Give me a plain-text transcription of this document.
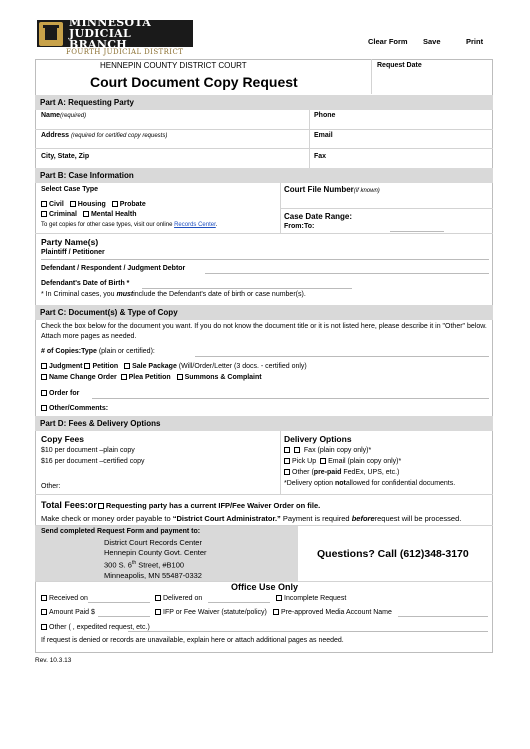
MINNESOTA
JUDICIAL BRANCH
FOURTH JUDICIAL DISTRICT
Clear Form Save	Print
HENNEPIN COUNTY DISTRICT COURT
Court Document Copy Request
Request Date
Part A: Requesting Party
Name(required)	Phone
Address (required for certified copy requests)	Email
City, State, Zip	Fax
Part B: Case Information
Select Case Type
Civil Housing Probate
Criminal Mental Health
To get copies for other case types, visit our online Records Center.
Court File Number(if known)
Case Date Range:
From: To:
Party Name(s)
Plaintiff / Petitioner
Defendant / Respondent / Judgment Debtor
Defendant's Date of Birth *
* In Criminal cases, you mustinclude the Defendant's date of birth or case number(s).
Part C: Document(s) & Type of Copy
Check the box below for the document you want. If you do not know the document title or it is not listed here, please describe it in "Other" below. Attach more pages as needed.
# of Copies:Type (plain or certified):
Judgment Petition Sale Package (Will/Order/Letter (3 docs. - certified only)
Name Change Order Plea Petition Summons & Complaint
Order for
Other/Comments:
Part D: Fees & Delivery Options
Copy Fees
$10 per document –plain copy
$16 per document –certified copy
Other:
Delivery Options
Fax (plain copy only)*
Pick Up Email (plain copy only)*
Other (pre-paid FedEx, UPS, etc.)
*Delivery option notallowed for confidential documents.
Total Fees:or Requesting party has a current IFP/Fee Waiver Order on file.
Make check or money order payable to “District Court Administrator.” Payment is required beforerequest will be processed.
Send completed Request Form and payment to:
District Court Records Center
Hennepin County Govt. Center
300 S. 6th Street, #B100
Minneapolis, MN 55487-0332
Questions? Call (612)348-3170
Office Use Only
Received on	Delivered on	Incomplete Request
Amount Paid $	IFP or Fee Waiver (statute/policy)	Pre-approved Media Account Name
Other ( , expedited request, etc.)
If request is denied or records are unavailable, explain here or attach additional pages as needed.
Rev. 10.3.13
